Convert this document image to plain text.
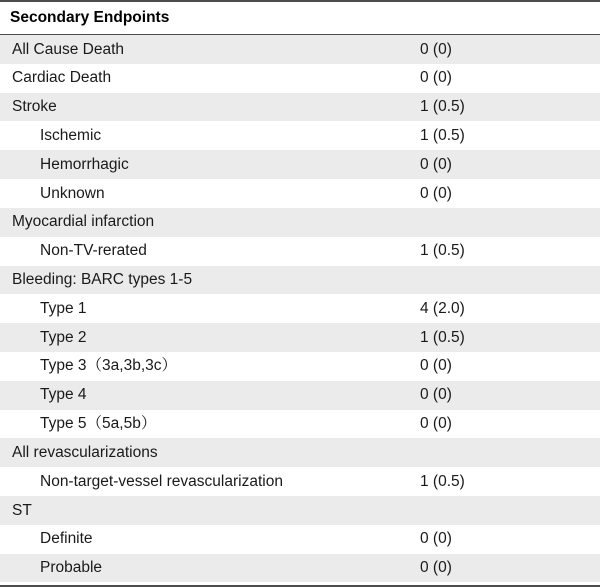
Secondary Endpoints	
All Cause Death	0 (0)
Cardiac Death	0 (0)
Stroke	1 (0.5)
Ischemic	1 (0.5)
Hemorrhagic	0 (0)
Unknown	0 (0)
Myocardial infarction	
Non-TV-rerated	1 (0.5)
Bleeding: BARC types 1-5	
Type 1	4 (2.0)
Type 2	1 (0.5)
Type 3（3a,3b,3c）	0 (0)
Type 4	0 (0)
Type 5（5a,5b）	0 (0)
All revascularizations	
Non-target-vessel revascularization	1 (0.5)
ST	
Definite	0 (0)
Probable	0 (0)
